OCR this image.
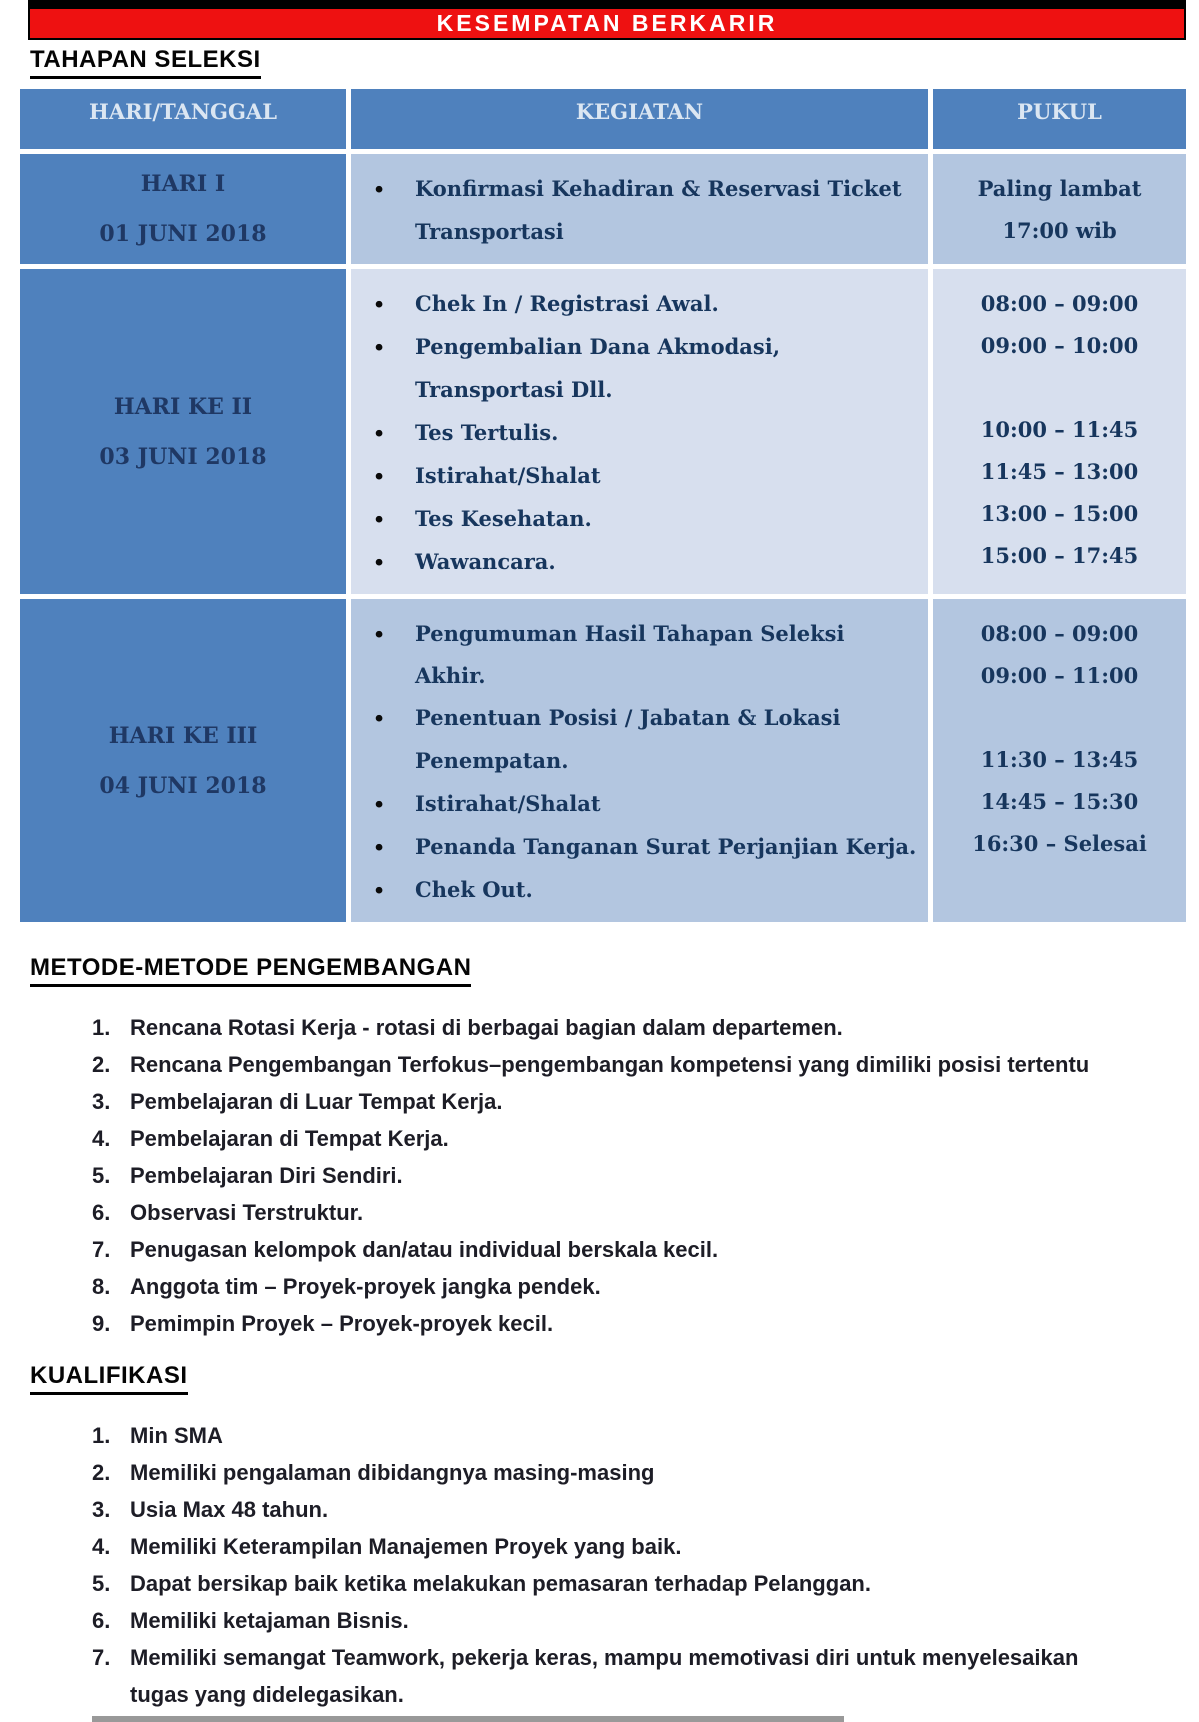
KESEMPATAN BERKARIR
TAHAPAN SELEKSI
HARI/TANGGAL	KEGIATAN	PUKUL
HARI I
01 JUNI 2018
•
Konfirmasi Kehadiran & Reservasi Ticket
Transportasi
Paling lambat
17:00 wib
HARI KE II
03 JUNI 2018
•
Chek In / Registrasi Awal.
•
Pengembalian Dana Akmodasi,
Transportasi Dll.
•
Tes Tertulis.
•
Istirahat/Shalat
•
Tes Kesehatan.
•
Wawancara.
08:00 – 09:00
09:00 – 10:00
10:00 – 11:45
11:45 – 13:00
13:00 – 15:00
15:00 – 17:45
HARI KE III
04 JUNI 2018
•
Pengumuman Hasil Tahapan Seleksi Akhir.
•
Penentuan Posisi / Jabatan & Lokasi
Penempatan.
•
Istirahat/Shalat
•
Penanda Tanganan Surat Perjanjian Kerja.
•
Chek Out.
08:00 – 09:00
09:00 – 11:00
11:30 – 13:45
14:45 – 15:30
16:30 – Selesai
METODE-METODE PENGEMBANGAN
1. Rencana Rotasi Kerja - rotasi di berbagai bagian dalam departemen.
2. Rencana Pengembangan Terfokus–pengembangan kompetensi yang dimiliki posisi tertentu
3. Pembelajaran di Luar Tempat Kerja.
4. Pembelajaran di Tempat Kerja.
5. Pembelajaran Diri Sendiri.
6. Observasi Terstruktur.
7. Penugasan kelompok dan/atau individual berskala kecil.
8. Anggota tim – Proyek-proyek jangka pendek.
9. Pemimpin Proyek – Proyek-proyek kecil.
KUALIFIKASI
1. Min SMA
2. Memiliki pengalaman dibidangnya masing-masing
3. Usia Max 48 tahun.
4. Memiliki Keterampilan Manajemen Proyek yang baik.
5. Dapat bersikap baik ketika melakukan pemasaran terhadap Pelanggan.
6. Memiliki ketajaman Bisnis.
7. Memiliki semangat Teamwork, pekerja keras, mampu memotivasi diri untuk menyelesaikan tugas yang didelegasikan.
